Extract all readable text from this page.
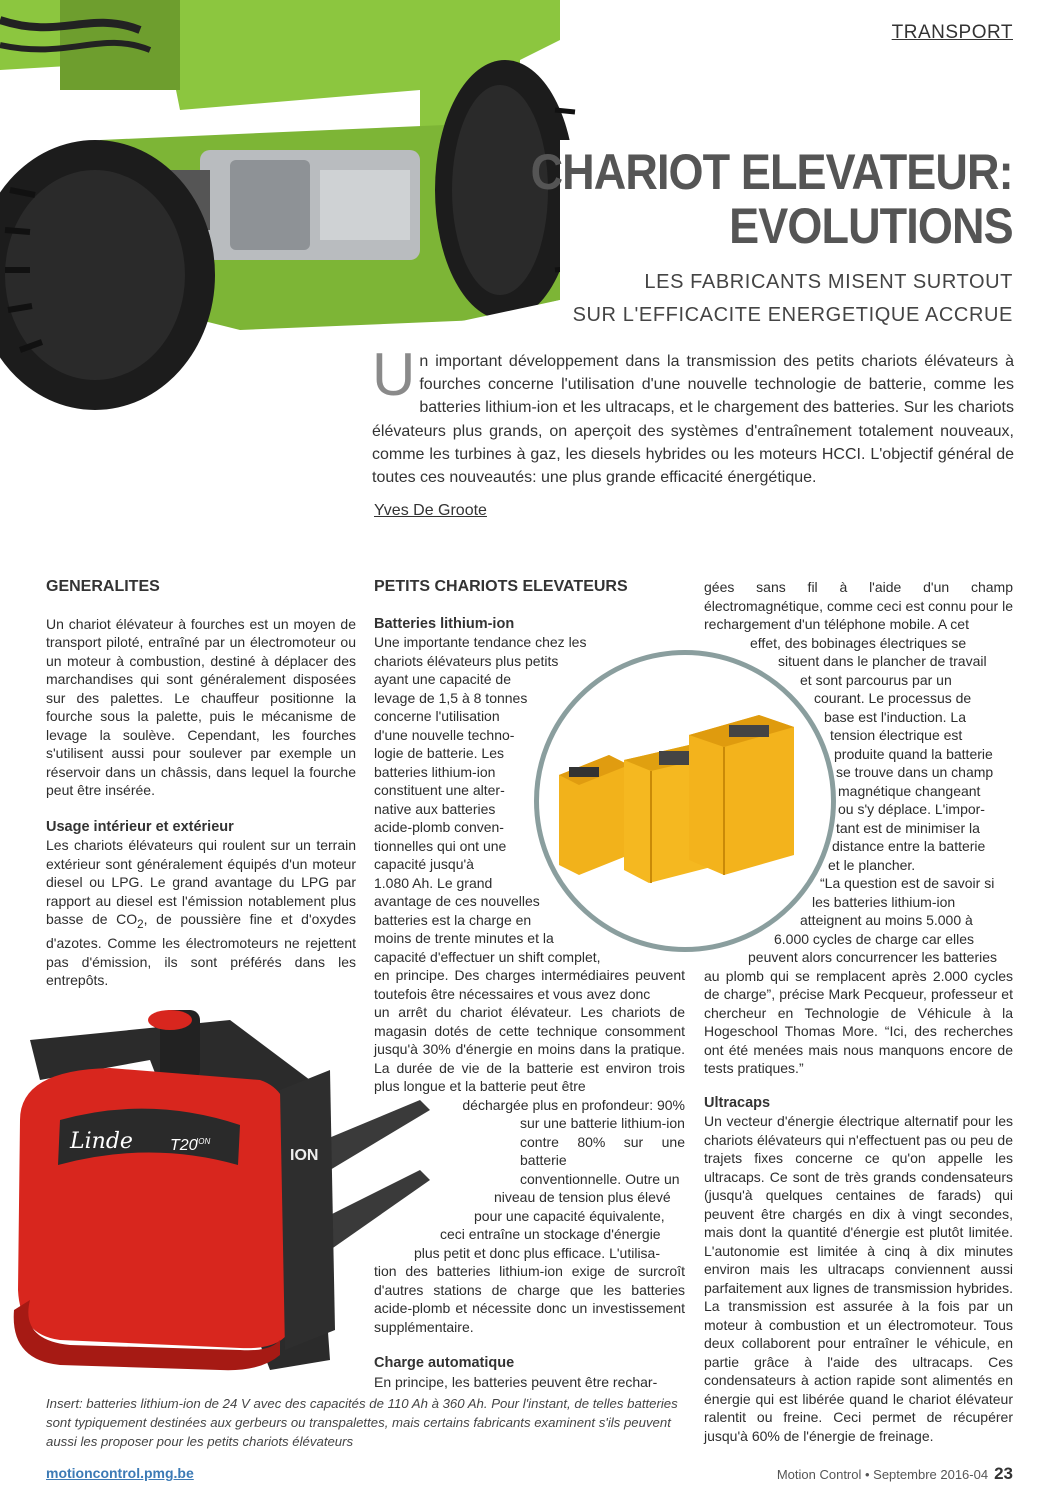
TRANSPORT
CHARIOT ELEVATEUR:
EVOLUTIONS
LES FABRICANTS MISENT SURTOUT
SUR L'EFFICACITE ENERGETIQUE ACCRUE
U n important développement dans la transmission des petits chariots élévateurs à fourches concerne l'utilisation d'une nouvelle technologie de batterie, comme les batteries lithium-ion et les ultracaps, et le chargement des batteries. Sur les chariots élévateurs plus grands, on aperçoit des systèmes d'entraînement totalement nouveaux, comme les turbines à gaz, les diesels hybrides ou les moteurs HCCI. L'objectif général de toutes ces nouveautés: une plus grande efficacité énergétique.
Yves De Groote
GENERALITES

Un chariot élévateur à fourches est un moyen de transport piloté, entraîné par un électromoteur ou un moteur à combustion, destiné à déplacer des marchandises qui sont généralement disposées sur des palettes. Le chauffeur positionne la fourche sous la palette, puis le mécanisme de levage la soulève. Cependant, les fourches s'utilisent aussi pour soulever par exemple un réservoir dans un châssis, dans lequel la fourche peut être insérée.

Usage intérieur et extérieur

Les chariots élévateurs qui roulent sur un terrain extérieur sont généralement équipés d'un moteur diesel ou LPG. Le grand avantage du LPG par rapport au diesel est l'émission notablement plus basse de $CO_2$, de poussière fine et d'oxydes d'azotes. Comme les électromoteurs ne rejettent pas d'émission, ils sont préférés dans les entrepôts.

PETITS CHARIOTS ELEVATEURS
Batteries lithium-ion

Une importante tendance chez les

chariots élévateurs plus petits

ayant une capacité de

levage de 1,5 à 8 tonnes

concerne l'utilisation

d'une nouvelle techno-

logie de batterie. Les

batteries lithium-ion

constituent une alter-

native aux batteries

acide-plomb conven-

tionnelles qui ont une

capacité jusqu'à

1.080 Ah. Le grand

avantage de ces nouvelles

batteries est la charge en

moins de trente minutes et la

capacité d'effectuer un shift complet,

en principe. Des charges intermédiaires peuvent toutefois être nécessaires et vous avez donc

un arrêt du chariot élévateur. Les chariots de magasin dotés de cette technique consomment jusqu'à 30% d'énergie en moins dans la pratique. La durée de vie de la batterie est environ trois plus longue et la batterie peut être

déchargée plus en profondeur: 90%

sur une batterie lithium-ion

contre 80% sur une batterie

conventionnelle. Outre un

niveau de tension plus élevé

pour une capacité équivalente,

ceci entraîne un stockage d'énergie

plus petit et donc plus efficace. L'utilisa-

tion des batteries lithium-ion exige de surcroît d'autres stations de charge que les batteries acide-plomb et nécessite donc un investissement supplémentaire.

Charge automatique

En principe, les batteries peuvent être rechar-

gées sans fil à l'aide d'un champ électromagnétique, comme ceci est connu pour le rechargement d'un téléphone mobile. A cet

effet, des bobinages électriques se

situent dans le plancher de travail

et sont parcourus par un

courant. Le processus de

base est l'induction. La

tension électrique est

produite quand la batterie

se trouve dans un champ

magnétique changeant

ou s'y déplace. L'impor-

tant est de minimiser la

distance entre la batterie

et le plancher.

“La question est de savoir si

les batteries lithium-ion

atteignent au moins 5.000 à

6.000 cycles de charge car elles

peuvent alors concurrencer les batteries

au plomb qui se remplacent après 2.000 cycles de charge”, précise Mark Pecqueur, professeur et chercheur en Technologie de Véhicule à la Hogeschool Thomas More. “Ici, des recherches ont été menées mais nous manquons encore de tests pratiques.”

Ultracaps

Un vecteur d'énergie électrique alternatif pour les chariots élévateurs qui n'effectuent pas ou peu de trajets fixes concerne ce qu'on appelle les ultracaps. Ce sont de très grands condensateurs (jusqu'à quelques centaines de farads) qui peuvent être chargés en dix à vingt secondes, mais dont la quantité d'énergie est plutôt limitée. L'autonomie est limitée à cinq à dix minutes environ mais les ultracaps conviennent aussi parfaitement aux lignes de transmission hybrides. La transmission est assurée à la fois par un moteur à combustion et un électromoteur. Tous deux collaborent pour entraîner le véhicule, en partie grâce à l'aide des ultracaps. Ces condensateurs à action rapide sont alimentés en énergie qui est libérée quand le chariot élévateur ralentit ou freine. Ceci permet de récupérer jusqu'à 60% de l'énergie de freinage.

ION
Linde T20
ION
Insert: batteries lithium-ion de 24 V avec des capacités de 110 Ah à 360 Ah. Pour l'instant, de telles batteries sont typiquement destinées aux gerbeurs ou transpalettes, mais certains fabricants examinent s'ils peuvent aussi les proposer pour les petits chariots élévateurs
motioncontrol.pmg.be	Motion Control • Septembre 2016-04 23
